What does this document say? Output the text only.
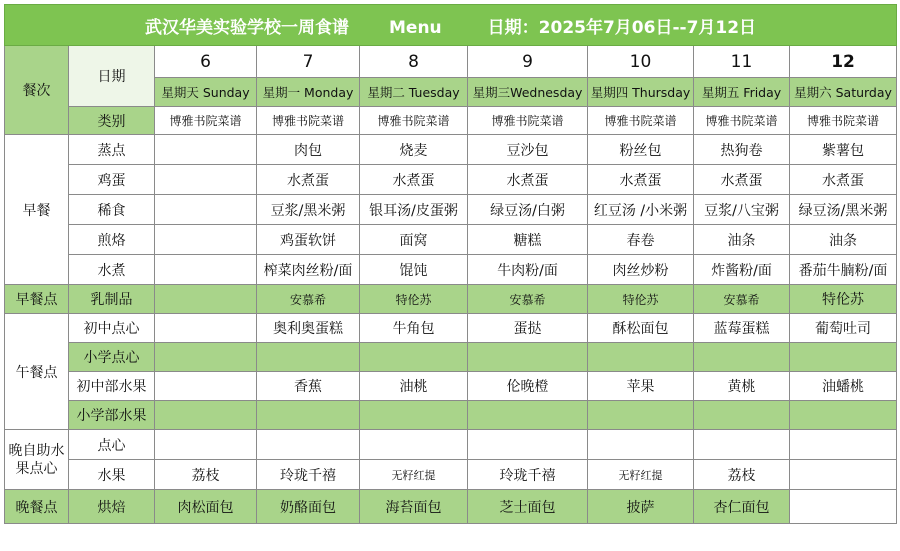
武汉华美实验学校一周食谱 Menu 日期：2025年7月06日--7月12日								
餐次	日期	6	7	8	9	10	11	12
		星期天 Sunday	星期一 Monday	星期二 Tuesday	星期三Wednesday	星期四 Thursday	星期五 Friday	星期六 Saturday
	类别	博雅书院菜谱	博雅书院菜谱	博雅书院菜谱	博雅书院菜谱	博雅书院菜谱	博雅书院菜谱	博雅书院菜谱
早餐	蒸点		肉包	烧麦	豆沙包	粉丝包	热狗卷	紫薯包
	鸡蛋		水煮蛋	水煮蛋	水煮蛋	水煮蛋	水煮蛋	水煮蛋
	稀食		豆浆/黑米粥	银耳汤/皮蛋粥	绿豆汤/白粥	红豆汤 /小米粥	豆浆/八宝粥	绿豆汤/黑米粥
	煎烙		鸡蛋软饼	面窝	糖糕	春卷	油条	油条
	水煮		榨菜肉丝粉/面	馄饨	牛肉粉/面	肉丝炒粉	炸酱粉/面	番茄牛腩粉/面
早餐点	乳制品		安慕希	特伦苏	安慕希	特伦苏	安慕希	特伦苏
午餐点	初中点心		奥利奥蛋糕	牛角包	蛋挞	酥松面包	蓝莓蛋糕	葡萄吐司
	小学点心							
	初中部水果		香蕉	油桃	伦晚橙	苹果	黄桃	油蟠桃
	小学部水果							
晚自助水果点心	点心							
	水果	荔枝	玲珑千禧	无籽红提	玲珑千禧	无籽红提	荔枝	
晚餐点	烘焙	肉松面包	奶酪面包	海苔面包	芝士面包	披萨	杏仁面包	
